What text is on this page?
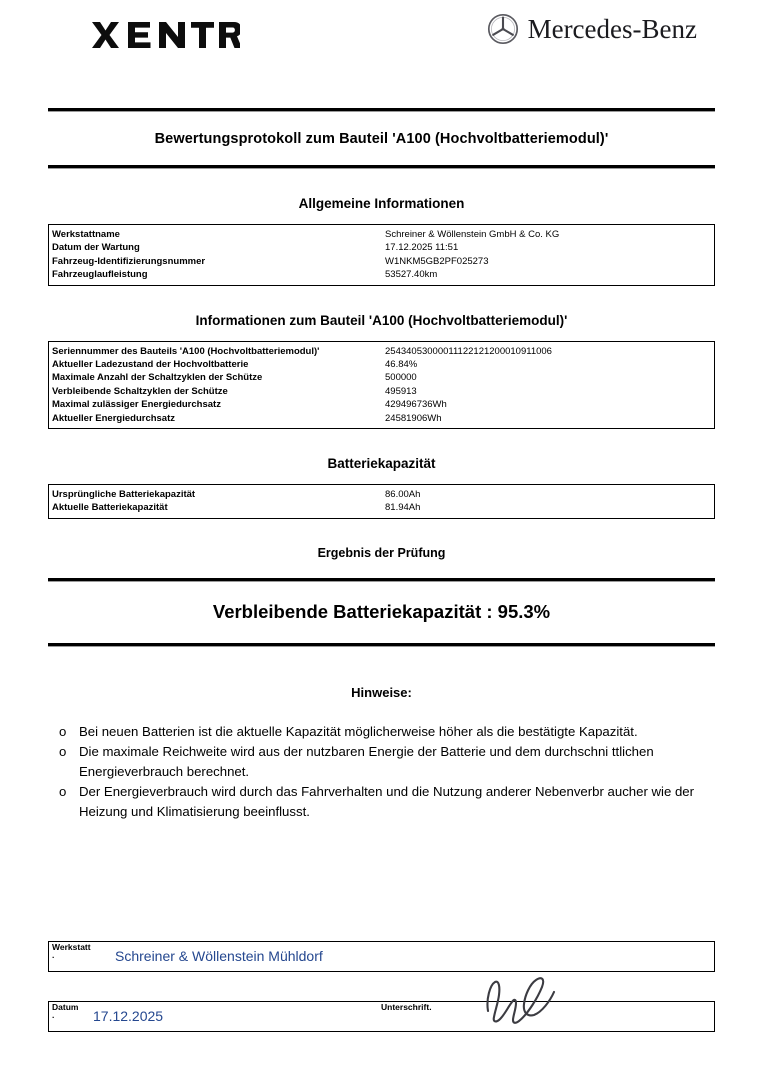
Mercedes-Benz
Bewertungsprotokoll zum Bauteil 'A100 (Hochvoltbatteriemodul)'
Allgemeine Informationen
Werkstattname	Schreiner & Wöllenstein GmbH & Co. KG
Datum der Wartung	17.12.2025 11:51
Fahrzeug-Identifizierungsnummer	W1NKM5GB2PF025273
Fahrzeuglaufleistung	53527.40km
Informationen zum Bauteil 'A100 (Hochvoltbatteriemodul)'
Seriennummer des Bauteils 'A100 (Hochvoltbatteriemodul)'	25434053000011122121200010911006
Aktueller Ladezustand der Hochvoltbatterie	46.84%
Maximale Anzahl der Schaltzyklen der Schütze	500000
Verbleibende Schaltzyklen der Schütze	495913
Maximal zulässiger Energiedurchsatz	429496736Wh
Aktueller Energiedurchsatz	24581906Wh
Batteriekapazität
Ursprüngliche Batteriekapazität	86.00Ah
Aktuelle Batteriekapazität	81.94Ah
Ergebnis der Prüfung
Verbleibende Batteriekapazität : 95.3%
Hinweise:
o Bei neuen Batterien ist die aktuelle Kapazität möglicherweise höher als die bestätigte Kapazität.
o Die maximale Reichweite wird aus der nutzbaren Energie der Batterie und dem durchschni ttlichen Energieverbrauch berechnet.
o Der Energieverbrauch wird durch das Fahrverhalten und die Nutzung anderer Nebenverbr aucher wie der Heizung und Klimatisierung beeinflusst.
Werkstatt
.	Schreiner & Wöllenstein Mühldorf
Datum
.	17.12.2025
Unterschrift.
